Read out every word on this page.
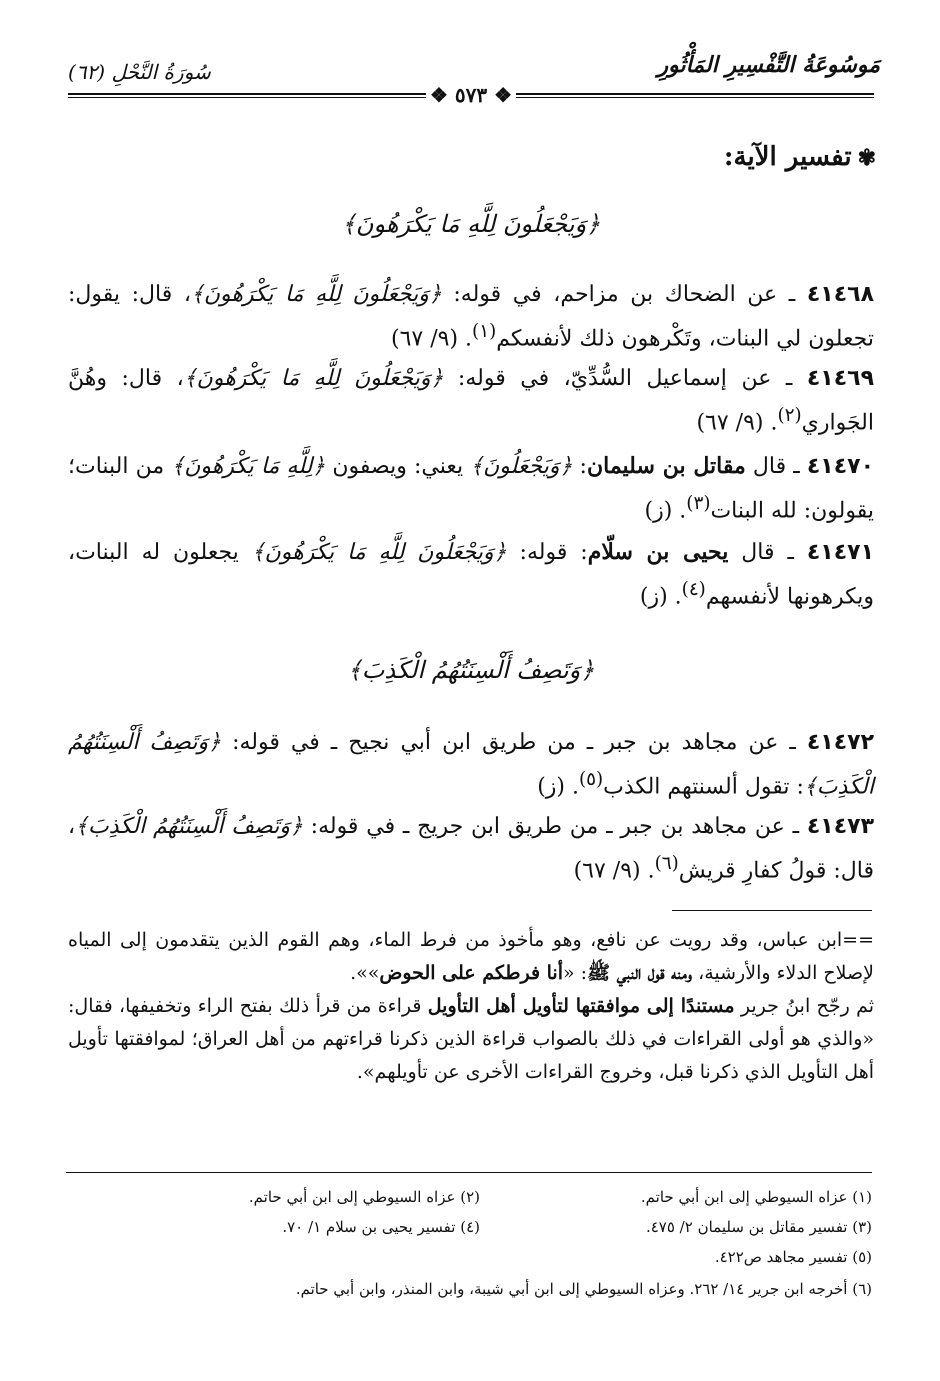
مَوسُوعَةُ التَّفْسِيرِ المَأْثُورِ
سُورَةُ النَّحْلِ (٦٢)
❖ ٥٧٣ ❖
✾تفسير الآية:
﴿وَيَجْعَلُونَ لِلَّهِ مَا يَكْرَهُونَ﴾
٤١٤٦٨ ـ عن الضحاك بن مزاحم، في قوله: ﴿وَيَجْعَلُونَ لِلَّهِ مَا يَكْرَهُونَ﴾، قال: يقول: تجعلون لي البنات، وتَكْرهون ذلك لأنفسكم$^{(١)}$. (٩/ ٦٧)
٤١٤٦٩ ـ عن إسماعيل السُّدِّيّ، في قوله: ﴿وَيَجْعَلُونَ لِلَّهِ مَا يَكْرَهُونَ﴾، قال: وهُنَّ الجَواري$^{(٢)}$. (٩/ ٦٧)
٤١٤٧٠ ـ قال مقاتل بن سليمان: ﴿وَيَجْعَلُونَ﴾ يعني: ويصفون ﴿لِلَّهِ مَا يَكْرَهُونَ﴾ من البنات؛ يقولون: لله البنات$^{(٣)}$. (ز)
٤١٤٧١ ـ قال يحيى بن سلّام: قوله: ﴿وَيَجْعَلُونَ لِلَّهِ مَا يَكْرَهُونَ﴾ يجعلون له البنات، ويكرهونها لأنفسهم$^{(٤)}$. (ز)
﴿وَتَصِفُ أَلْسِنَتُهُمُ الْكَذِبَ﴾
٤١٤٧٢ ـ عن مجاهد بن جبر ـ من طريق ابن أبي نجيح ـ في قوله: ﴿وَتَصِفُ أَلْسِنَتُهُمُ الْكَذِبَ﴾: تقول ألسنتهم الكذب$^{(٥)}$. (ز)
٤١٤٧٣ ـ عن مجاهد بن جبر ـ من طريق ابن جريج ـ في قوله: ﴿وَتَصِفُ أَلْسِنَتُهُمُ الْكَذِبَ﴾، قال: قولُ كفارِ قريش$^{(٦)}$. (٩/ ٦٧)

==ابن عباس، وقد رويت عن نافع، وهو مأخوذ من فرط الماء، وهم القوم الذين يتقدمون إلى المياه لإصلاح الدلاء والأرشية، ومنه قول النبي ﷺ: «أنا فرطكم على الحوض»».

ثم رجّح ابنُ جرير مستندًا إلى موافقتها لتأويل أهل التأويل قراءة من قرأ ذلك بفتح الراء وتخفيفها، فقال: «والذي هو أولى القراءات في ذلك بالصواب قراءة الذين ذكرنا قراءتهم من أهل العراق؛ لموافقتها تأويل أهل التأويل الذي ذكرنا قبل، وخروج القراءات الأخرى عن تأويلهم».

(١) عزاه السيوطي إلى ابن أبي حاتم.
(٢) عزاه السيوطي إلى ابن أبي حاتم.
(٣) تفسير مقاتل بن سليمان ٢/ ٤٧٥.
(٤) تفسير يحيى بن سلام ١/ ٧٠.
(٥) تفسير مجاهد ص٤٢٢.
(٦) أخرجه ابن جرير ١٤/ ٢٦٢. وعزاه السيوطي إلى ابن أبي شيبة، وابن المنذر، وابن أبي حاتم.
